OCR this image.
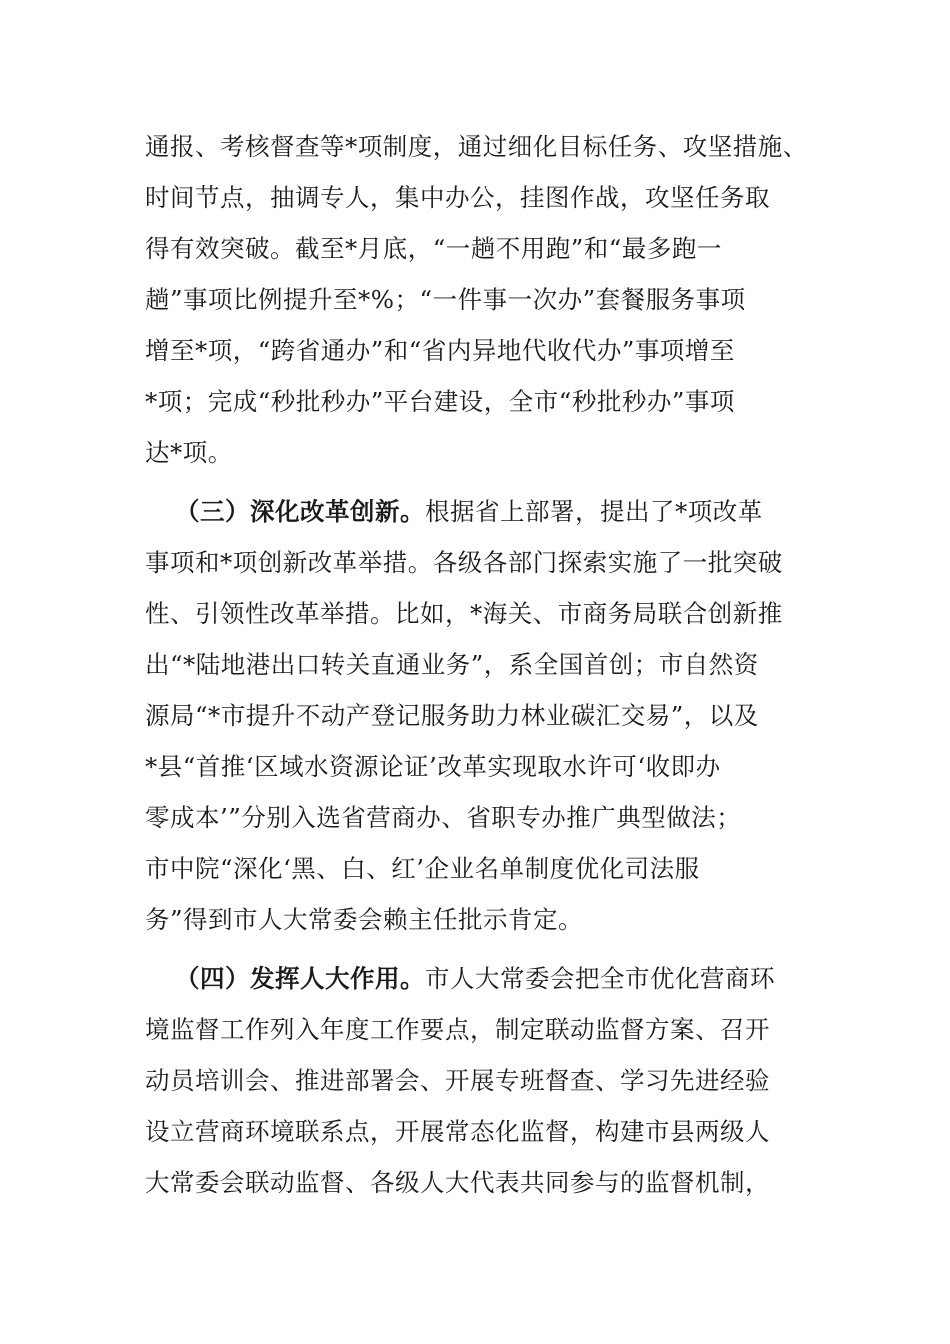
通报、考核督查等*项制度，通过细化目标任务、攻坚措施、
时间节点，抽调专人，集中办公，挂图作战，攻坚任务取
得有效突破。截至*月底，“一趟不用跑”和“最多跑一
趟”事项比例提升至*%；“一件事一次办”套餐服务事项
增至*项，“跨省通办”和“省内异地代收代办”事项增至
*项；完成“秒批秒办”平台建设，全市“秒批秒办”事项
达*项。
（三）深化改革创新。根据省上部署，提出了*项改革
事项和*项创新改革举措。各级各部门探索实施了一批突破
性、引领性改革举措。比如，*海关、市商务局联合创新推
出“*陆地港出口转关直通业务”，系全国首创；市自然资
源局“*市提升不动产登记服务助力林业碳汇交易”，以及
*县“首推‘区域水资源论证’改革实现取水许可‘收即办
零成本’”分别入选省营商办、省职专办推广典型做法；
市中院“深化‘黑、白、红’企业名单制度优化司法服
务”得到市人大常委会赖主任批示肯定。
（四）发挥人大作用。市人大常委会把全市优化营商环
境监督工作列入年度工作要点，制定联动监督方案、召开
动员培训会、推进部署会、开展专班督查、学习先进经验
设立营商环境联系点，开展常态化监督，构建市县两级人
大常委会联动监督、各级人大代表共同参与的监督机制，
